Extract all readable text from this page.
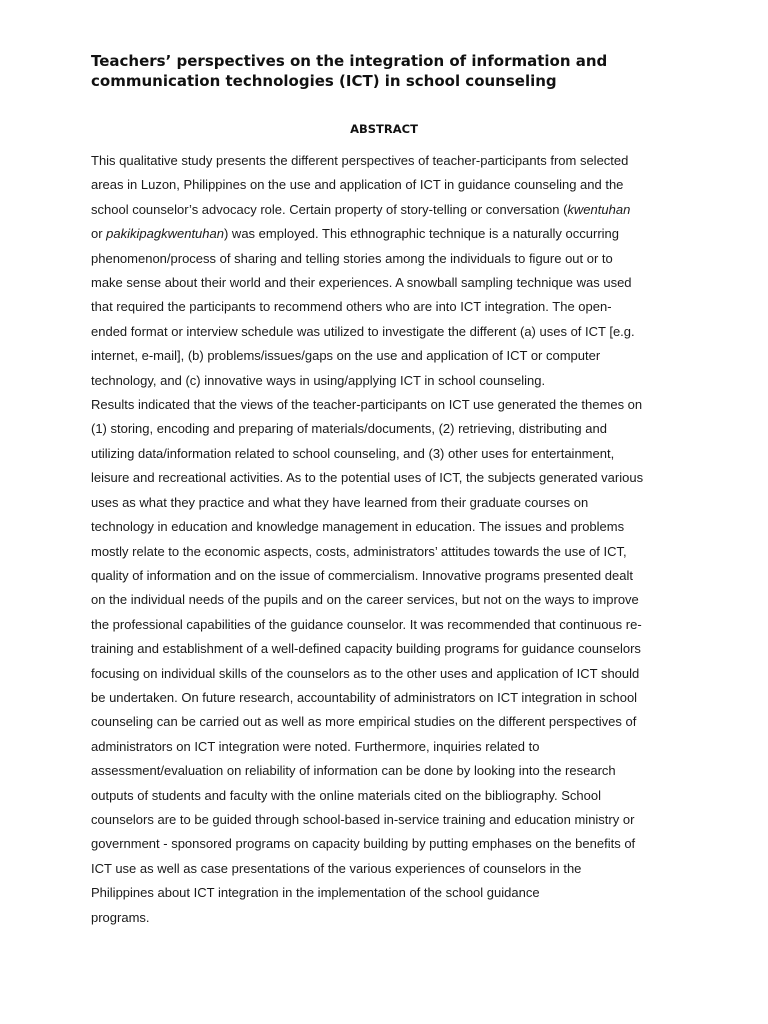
Teachers’ perspectives on the integration of information and
communication technologies (ICT) in school counseling
ABSTRACT

This qualitative study presents the different perspectives of teacher-participants from selected
areas in Luzon, Philippines on the use and application of ICT in guidance counseling and the
school counselor’s advocacy role. Certain property of story-telling or conversation (kwentuhan
or pakikipagkwentuhan) was employed. This ethnographic technique is a naturally occurring
phenomenon/process of sharing and telling stories among the individuals to figure out or to
make sense about their world and their experiences. A snowball sampling technique was used
that required the participants to recommend others who are into ICT integration. The open-
ended format or interview schedule was utilized to investigate the different (a) uses of ICT [e.g.
internet, e-mail], (b) problems/issues/gaps on the use and application of ICT or computer
technology, and (c) innovative ways in using/applying ICT in school counseling.

Results indicated that the views of the teacher-participants on ICT use generated the themes on
(1) storing, encoding and preparing of materials/documents, (2) retrieving, distributing and
utilizing data/information related to school counseling, and (3) other uses for entertainment,
leisure and recreational activities. As to the potential uses of ICT, the subjects generated various
uses as what they practice and what they have learned from their graduate courses on
technology in education and knowledge management in education. The issues and problems
mostly relate to the economic aspects, costs, administrators’ attitudes towards the use of ICT,
quality of information and on the issue of commercialism. Innovative programs presented dealt
on the individual needs of the pupils and on the career services, but not on the ways to improve
the professional capabilities of the guidance counselor. It was recommended that continuous re-
training and establishment of a well-defined capacity building programs for guidance counselors
focusing on individual skills of the counselors as to the other uses and application of ICT should
be undertaken. On future research, accountability of administrators on ICT integration in school
counseling can be carried out as well as more empirical studies on the different perspectives of
administrators on ICT integration were noted. Furthermore, inquiries related to
assessment/evaluation on reliability of information can be done by looking into the research
outputs of students and faculty with the online materials cited on the bibliography. School
counselors are to be guided through school-based in-service training and education ministry or
government - sponsored programs on capacity building by putting emphases on the benefits of
ICT use as well as case presentations of the various experiences of counselors in the
Philippines about ICT integration in the implementation of the school guidance
programs.
